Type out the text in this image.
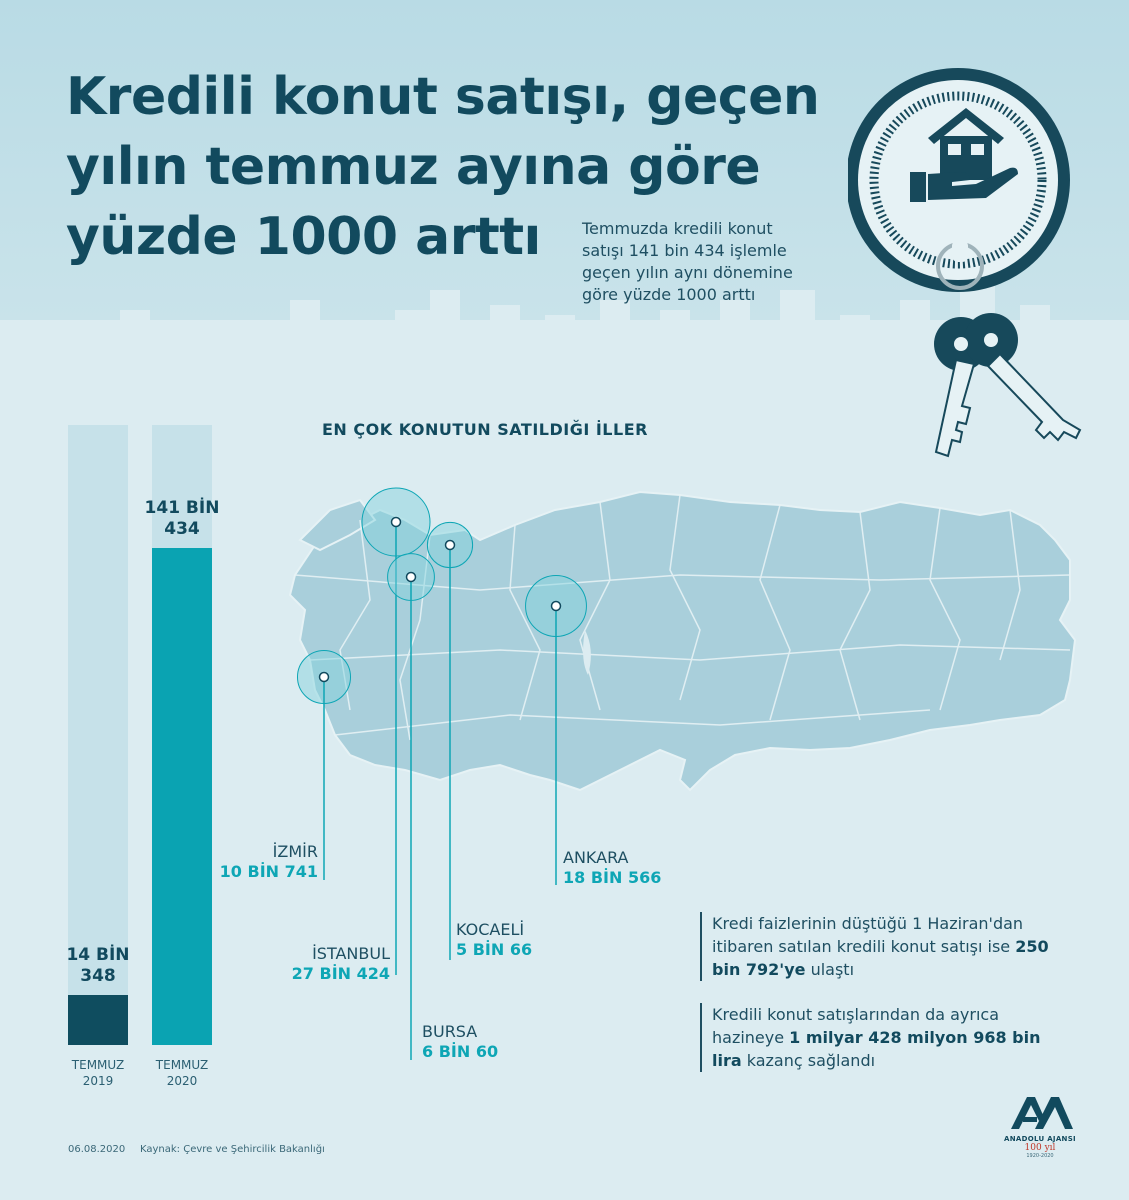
Kredili konut satışı, geçen yılın temmuz ayına göre yüzde 1000 arttı	Temmuzda kredili konut satışı 141 bin 434 işlemle geçen yılın aynı dönemine göre yüzde 1000 arttı
14 BİN
348
TEMMUZ
2019
141 BİN
434
TEMMUZ
2020
EN ÇOK KONUTUN SATILDIĞI İLLER
İZMİR
10 BİN 741
İSTANBUL
27 BİN 424
BURSA
6 BİN 60
KOCAELİ
5 BİN 66
ANKARA
18 BİN 566
Kredi faizlerinin düştüğü 1 Haziran'dan itibaren satılan kredili konut satışı ise 250 bin 792'ye ulaştı
Kredili konut satışlarından da ayrıca hazineye 1 milyar 428 milyon 968 bin lira kazanç sağlandı
06.08.2020 Kaynak: Çevre ve Şehircilik Bakanlığı
ANADOLU AJANSI
100 yıl
1920-2020
